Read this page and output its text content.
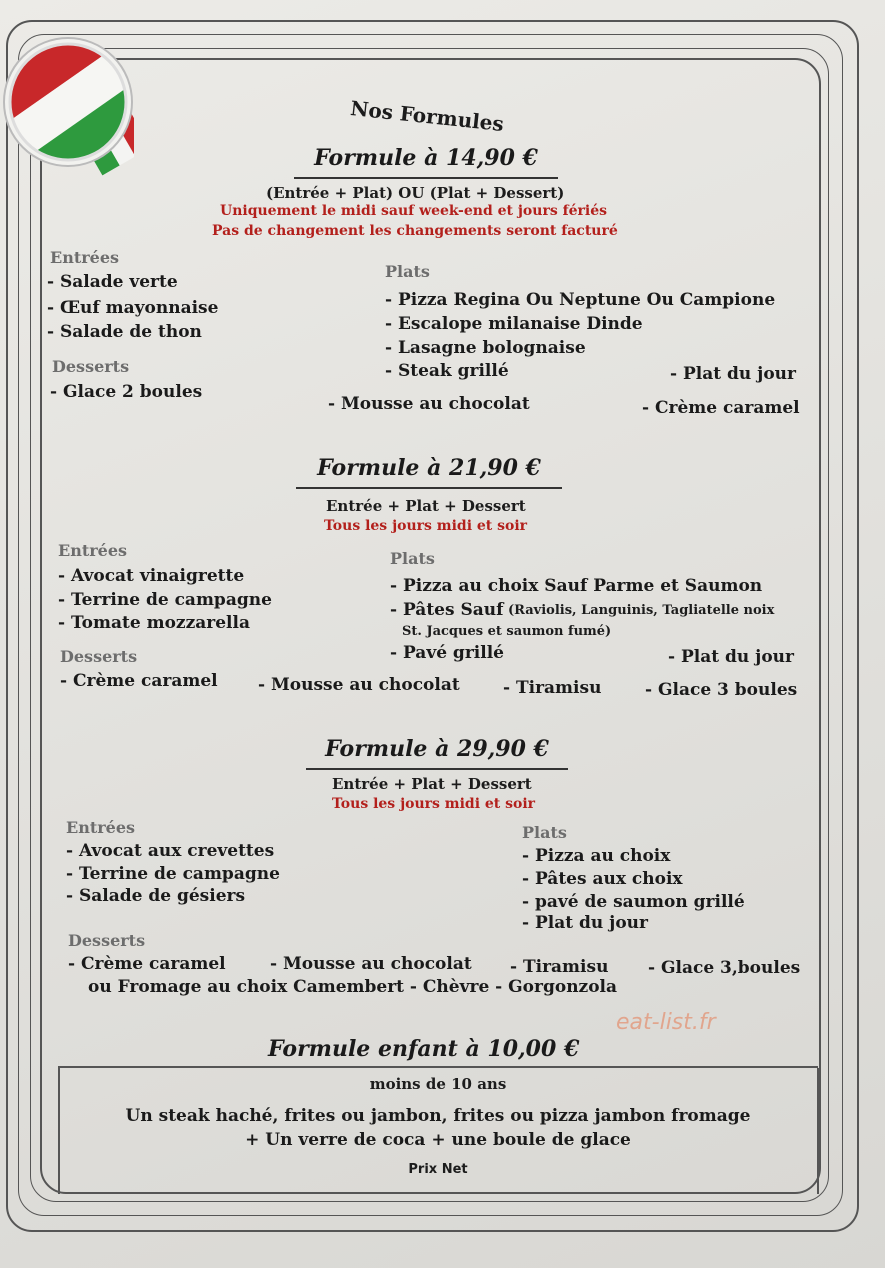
Nos Formules
Formule à 14,90 €
(Entrée + Plat) OU (Plat + Dessert)
Uniquement le midi sauf week-end et jours fériés
Pas de changement les changements seront facturé
Entrées
- Salade verte
- Œuf mayonnaise
- Salade de thon
Plats
- Pizza Regina Ou Neptune Ou Campione
- Escalope milanaise Dinde
- Lasagne bolognaise
- Steak grillé	- Plat du jour
Desserts
- Glace 2 boules
- Mousse au chocolat	- Crème caramel
Formule à 21,90 €
Entrée + Plat + Dessert
Tous les jours midi et soir
Entrées
- Avocat vinaigrette
- Terrine de campagne
- Tomate mozzarella
Plats
- Pizza au choix Sauf Parme et Saumon
- Pâtes Sauf (Raviolis, Languinis, Tagliatelle noix
St. Jacques et saumon fumé)
- Pavé grillé	- Plat du jour
Desserts
- Crème caramel - Mousse au chocolat	- Tiramisu	- Glace 3 boules
Formule à 29,90 €
Entrée + Plat + Dessert
Tous les jours midi et soir
Entrées
- Avocat aux crevettes
- Terrine de campagne
- Salade de gésiers
Plats
- Pizza au choix
- Pâtes aux choix
- pavé de saumon grillé
- Plat du jour
Desserts
- Crème caramel	- Mousse au chocolat - Tiramisu - Glace 3,boules
ou Fromage au choix Camembert - Chèvre - Gorgonzola
eat-list.fr
Formule enfant à 10,00 €
moins de 10 ans
Un steak haché, frites ou jambon, frites ou pizza jambon fromage
+ Un verre de coca + une boule de glace
Prix Net
